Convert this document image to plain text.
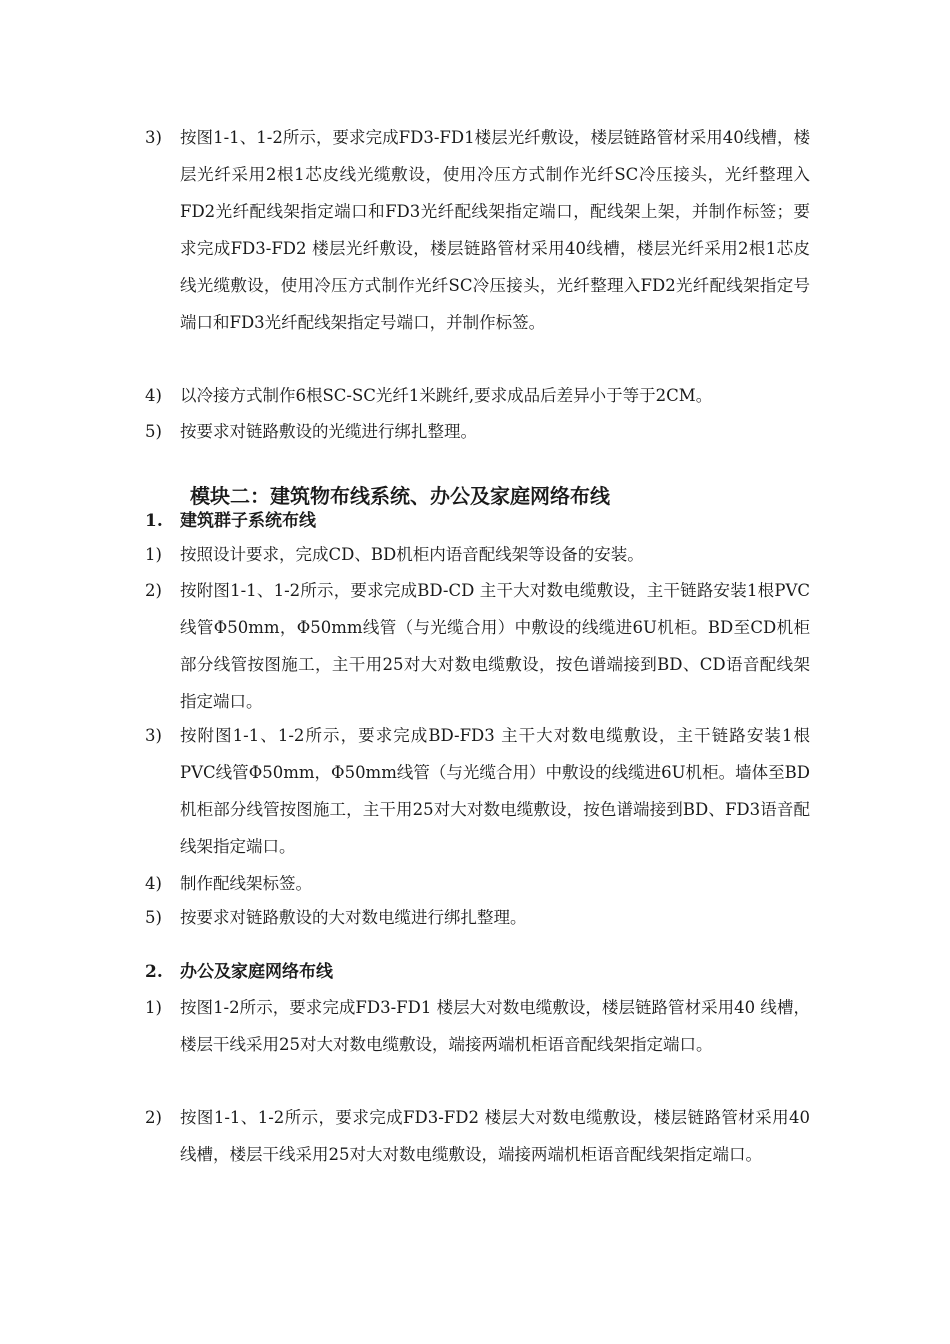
3)	按图1-1、1-2所示，要求完成FD3-FD1楼层光纤敷设，楼层链路管材采用40线槽，楼层光纤采用2根1芯皮线光缆敷设，使用冷压方式制作光纤SC冷压接头，光纤整理入FD2光纤配线架指定端口和FD3光纤配线架指定端口，配线架上架，并制作标签；要求完成FD3-FD2 楼层光纤敷设，楼层链路管材采用40线槽，楼层光纤采用2根1芯皮线光缆敷设，使用冷压方式制作光纤SC冷压接头，光纤整理入FD2光纤配线架指定号端口和FD3光纤配线架指定号端口，并制作标签。
4)	以冷接方式制作6根SC-SC光纤1米跳纤,要求成品后差异小于等于2CM。
5)	按要求对链路敷设的光缆进行绑扎整理。
模块二：建筑物布线系统、办公及家庭网络布线
1. 建筑群子系统布线
1)	按照设计要求，完成CD、BD机柜内语音配线架等设备的安装。
2)	按附图1-1、1-2所示，要求完成BD-CD 主干大对数电缆敷设，主干链路安装1根PVC线管Φ50mm，Φ50mm线管（与光缆合用）中敷设的线缆进6U机柜。BD至CD机柜部分线管按图施工，主干用25对大对数电缆敷设，按色谱端接到BD、CD语音配线架指定端口。
3)	按附图1-1、1-2所示，要求完成BD-FD3 主干大对数电缆敷设，主干链路安装1根PVC线管Φ50mm，Φ50mm线管（与光缆合用）中敷设的线缆进6U机柜。墙体至BD机柜部分线管按图施工，主干用25对大对数电缆敷设，按色谱端接到BD、FD3语音配线架指定端口。
4)	制作配线架标签。
5)	按要求对链路敷设的大对数电缆进行绑扎整理。
2. 办公及家庭网络布线
1)	按图1-2所示，要求完成FD3-FD1 楼层大对数电缆敷设，楼层链路管材采用40 线槽，楼层干线采用25对大对数电缆敷设，端接两端机柜语音配线架指定端口。
2)	按图1-1、1-2所示，要求完成FD3-FD2 楼层大对数电缆敷设，楼层链路管材采用40线槽，楼层干线采用25对大对数电缆敷设，端接两端机柜语音配线架指定端口。
